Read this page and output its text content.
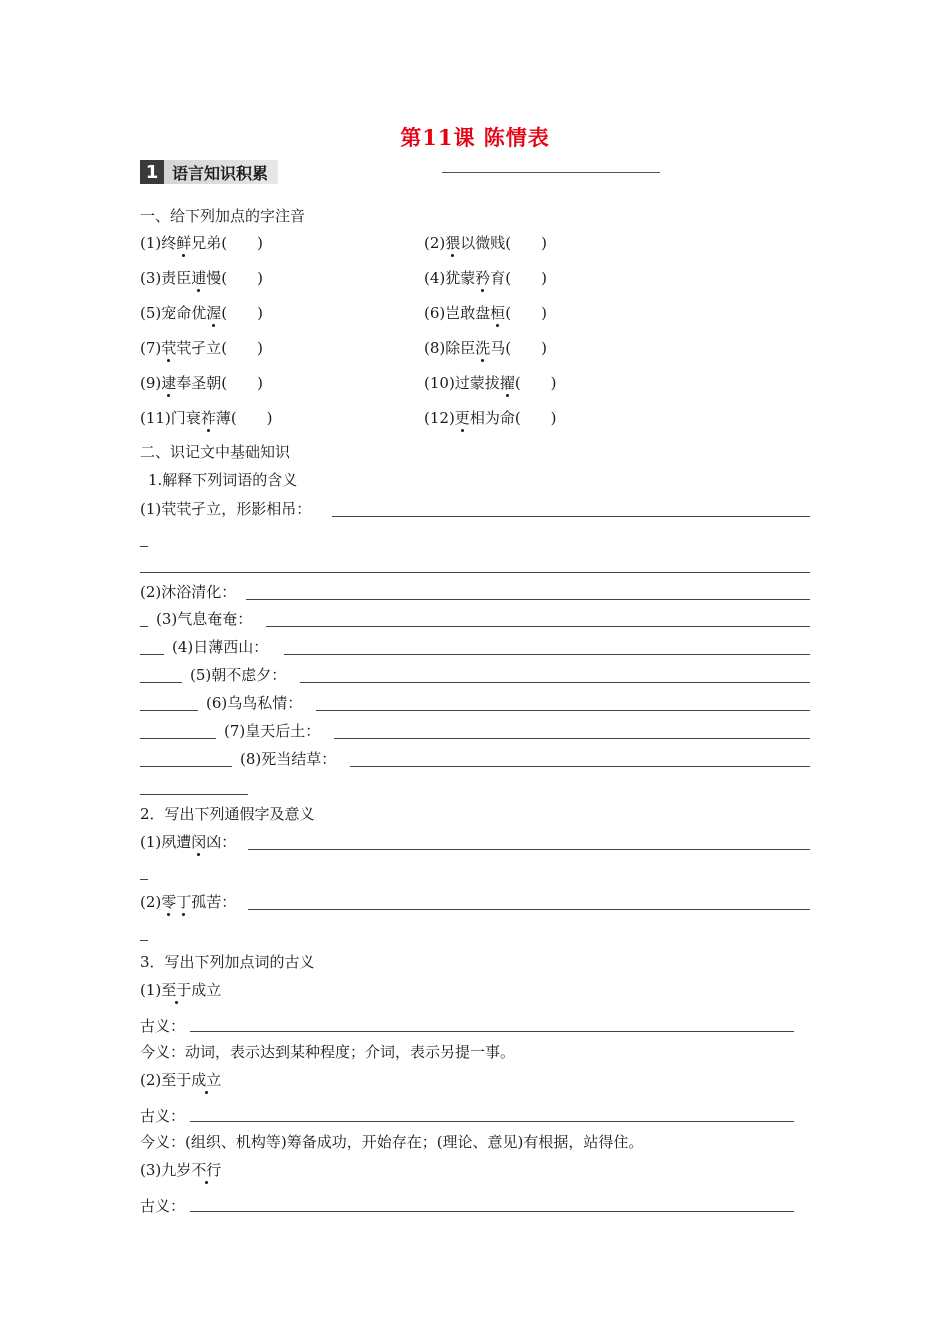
第11课 陈情表
1 语言知识积累
一、给下列加点的字注音
(1)终鲜兄弟(　　)	(2)猥以微贱(　　)
(3)责臣逋慢(　　)	(4)犹蒙矜育(　　)
(5)宠命优渥(　　)	(6)岂敢盘桓(　　)
(7)茕茕孑立(　　)	(8)除臣洗马(　　)
(9)逮奉圣朝(　　)	(10)过蒙拔擢(　　)
(11)门衰祚薄(　　)	(12)更相为命(　　)
二、识记文中基础知识
1.解释下列词语的含义
(1)茕茕孑立，形影相吊：
(2)沐浴清化：
(3)气息奄奄：
(4)日薄西山：
(5)朝不虑夕：
(6)乌鸟私情：
(7)皇天后土：
(8)死当结草：
2．写出下列通假字及意义
(1)夙遭闵凶：
(2)零丁孤苦：
3．写出下列加点词的古义
(1)至于成立
古义：
今义：动词，表示达到某种程度；介词，表示另提一事。
(2)至于成立
古义：
今义：(组织、机构等)筹备成功，开始存在；(理论、意见)有根据，站得住。
(3)九岁不行
古义：
